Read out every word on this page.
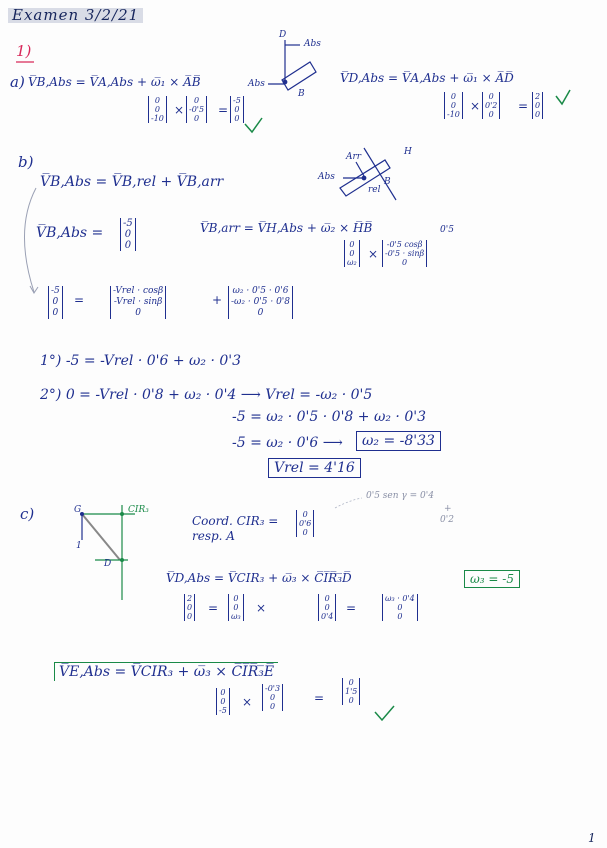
Examen 3/2/21
1)
D
Abs
Abs
B
Arr	H
Abs
rel
B
G	CIR₃
D
1
a) V̅B,Abs = V̅A,Abs + ω̅₁ × A̅B̅
0
0
-10
×
0
-0'5
0
=
-5
0
0
V̅D,Abs = V̅A,Abs + ω̅₁ × A̅D̅
0
0
-10
×
0
0'2
0
=
2
0
0
b)
V̅B,Abs = V̅B,rel + V̅B,arr
V̅B,Abs =
-5
0
0
V̅B,arr = V̅H,Abs + ω̅₂ × H̅B̅	0'5
0
0
ω₂
×
-0'5 cosβ
-0'5 · sinβ
0
-5
0
0
=
-Vrel · cosβ
-Vrel · sinβ
0
+
ω₂ · 0'5 · 0'6
-ω₂ · 0'5 · 0'8
0
1°) -5 = -Vrel · 0'6 + ω₂ · 0'3
2°) 0 = -Vrel · 0'8 + ω₂ · 0'4 ⟶ Vrel = -ω₂ · 0'5
-5 = ω₂ · 0'5 · 0'8 + ω₂ · 0'3
-5 = ω₂ · 0'6 ⟶	ω₂ = -8'33
Vrel = 4'16
c)	Coord. CIR₃ =
resp. A
0
0'6
0
0'5 sen γ = 0'4
+
0'2
V̅D,Abs = V̅CIR₃ + ω̅₃ × C̅I̅R̅₃̅D̅
2
0
0
=
0
0
ω₃
×
0
0
0'4
=
ω₃ · 0'4
0
0
ω₃ = -5
V̅E,Abs = V̅CIR₃ + ω̅₃ × C̅I̅R̅₃̅E̅
0
0
-5
×
-0'3
0
0
=
0
1'5
0
1
